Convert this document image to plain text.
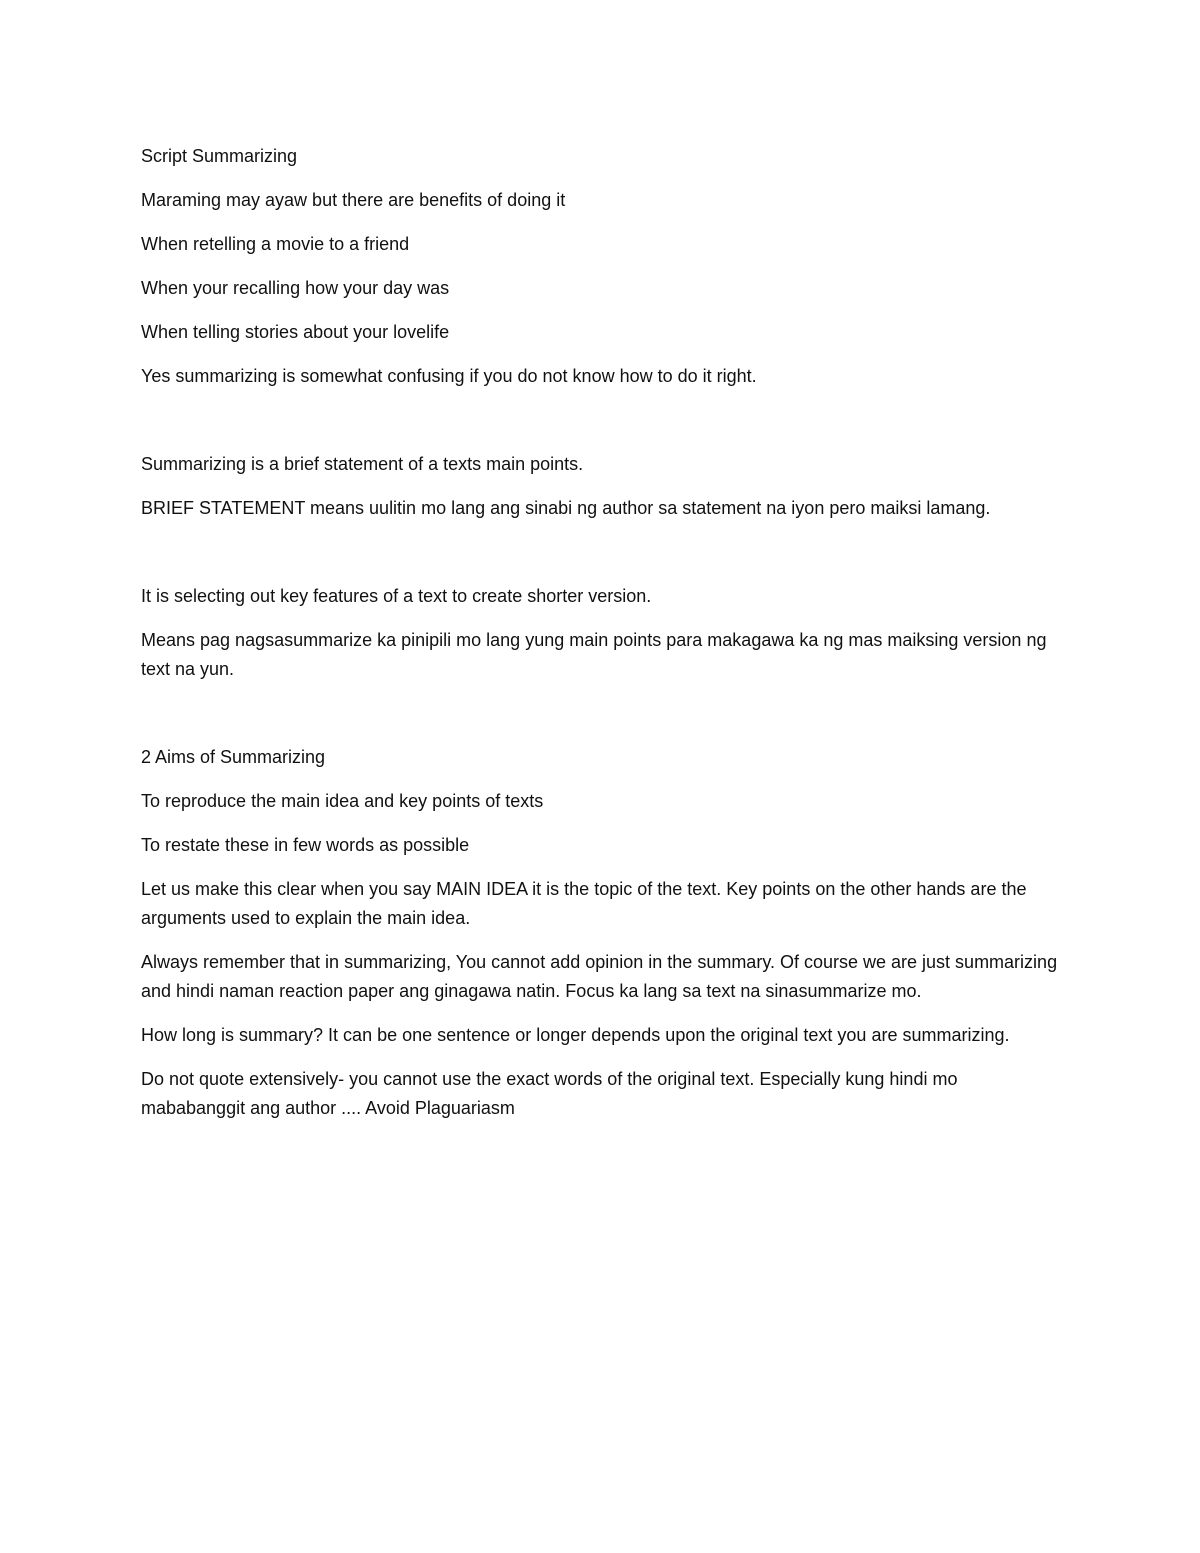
Script Summarizing

Maraming may ayaw but there are benefits of doing it

When retelling a movie to a friend

When your recalling how your day was

When telling stories about your lovelife

Yes summarizing is somewhat confusing if you do not know how to do it right.

Summarizing is a brief statement of a texts main points.

BRIEF STATEMENT means uulitin mo lang ang sinabi ng author sa statement na iyon pero maiksi lamang.

It is selecting out key features of a text to create shorter version.

Means pag nagsasummarize ka pinipili mo lang yung main points para makagawa ka ng mas maiksing version ng text na yun.

2 Aims of Summarizing

To reproduce the main idea and key points of texts

To restate these in few words as possible

Let us make this clear when you say MAIN IDEA it is the topic of the text. Key points on the other hands are the arguments used to explain the main idea.

Always remember that in summarizing, You cannot add opinion in the summary. Of course we are just summarizing and hindi naman reaction paper ang ginagawa natin. Focus ka lang sa text na sinasummarize mo.

How long is summary? It can be one sentence or longer depends upon the original text you are summarizing.

Do not quote extensively- you cannot use the exact words of the original text. Especially kung hindi mo mababanggit ang author .... Avoid Plaguariasm
